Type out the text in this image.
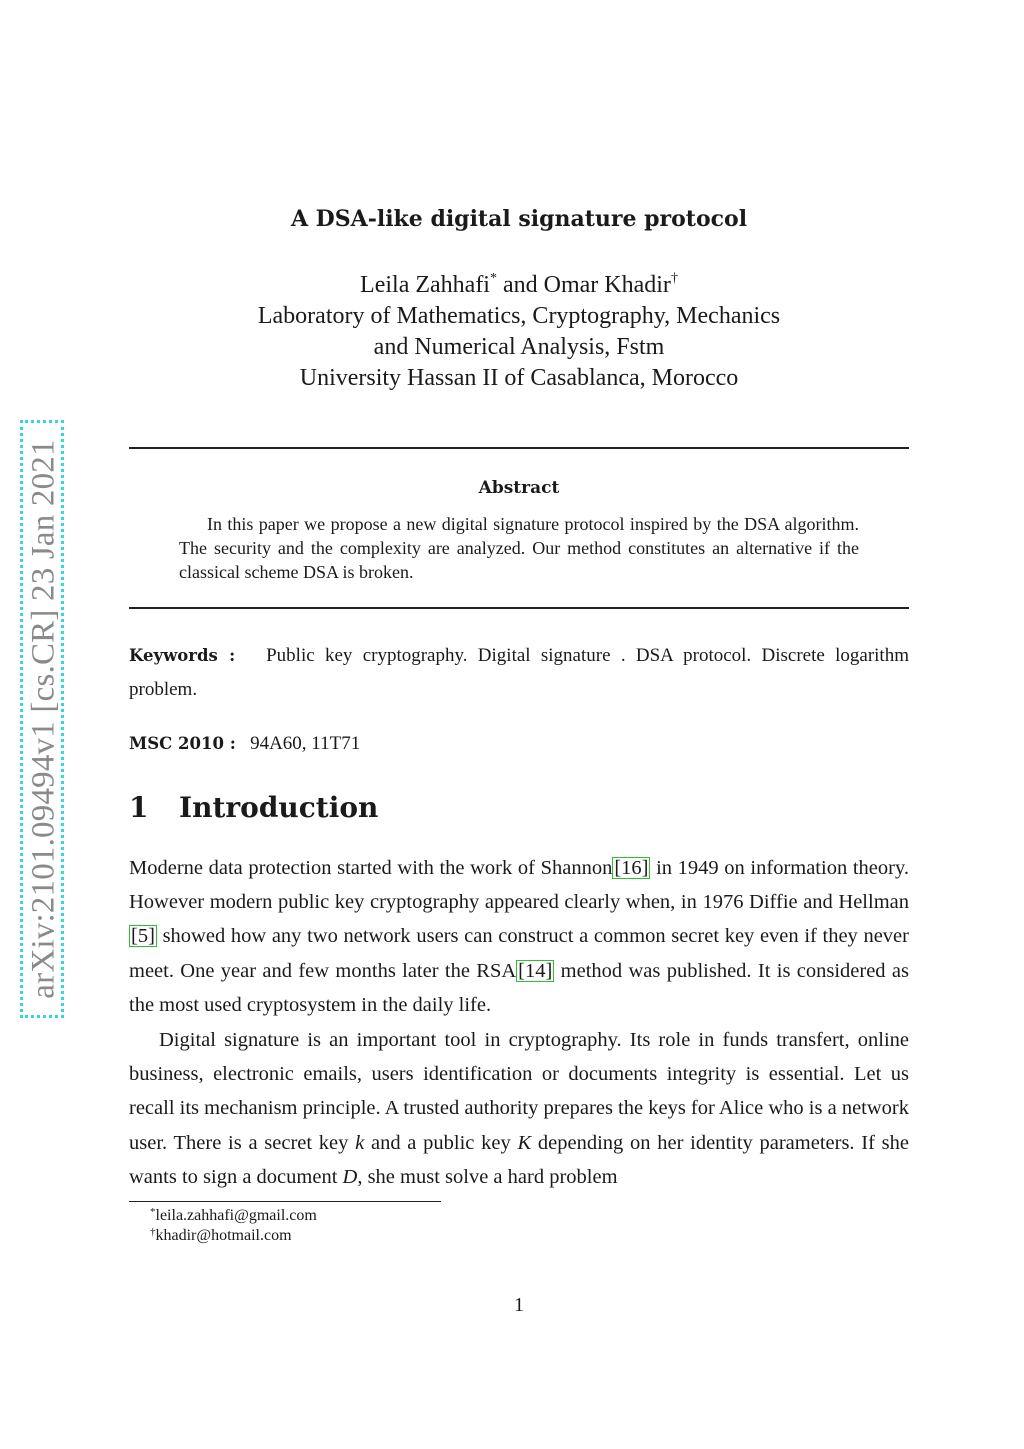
arXiv:2101.09494v1 [cs.CR] 23 Jan 2021
A DSA-like digital signature protocol
Leila Zahhafi* and Omar Khadir†
Laboratory of Mathematics, Cryptography, Mechanics
and Numerical Analysis, Fstm
University Hassan II of Casablanca, Morocco
Abstract
In this paper we propose a new digital signature protocol inspired by the DSA algorithm. The security and the complexity are analyzed. Our method constitutes an alternative if the classical scheme DSA is broken.
Keywords : Public key cryptography. Digital signature . DSA protocol. Discrete logarithm problem.
MSC 2010 : 94A60, 11T71
1 Introduction
Moderne data protection started with the work of Shannon[16] in 1949 on information theory. However modern public key cryptography appeared clearly when, in 1976 Diffie and Hellman[5] showed how any two network users can construct a common secret key even if they never meet. One year and few months later the RSA[14] method was published. It is considered as the most used cryptosystem in the daily life.
Digital signature is an important tool in cryptography. Its role in funds transfert, online business, electronic emails, users identification or documents integrity is essential. Let us recall its mechanism principle. A trusted authority prepares the keys for Alice who is a network user. There is a secret key k and a public key K depending on her identity parameters. If she wants to sign a document D, she must solve a hard problem
*leila.zahhafi@gmail.com
†khadir@hotmail.com
1
